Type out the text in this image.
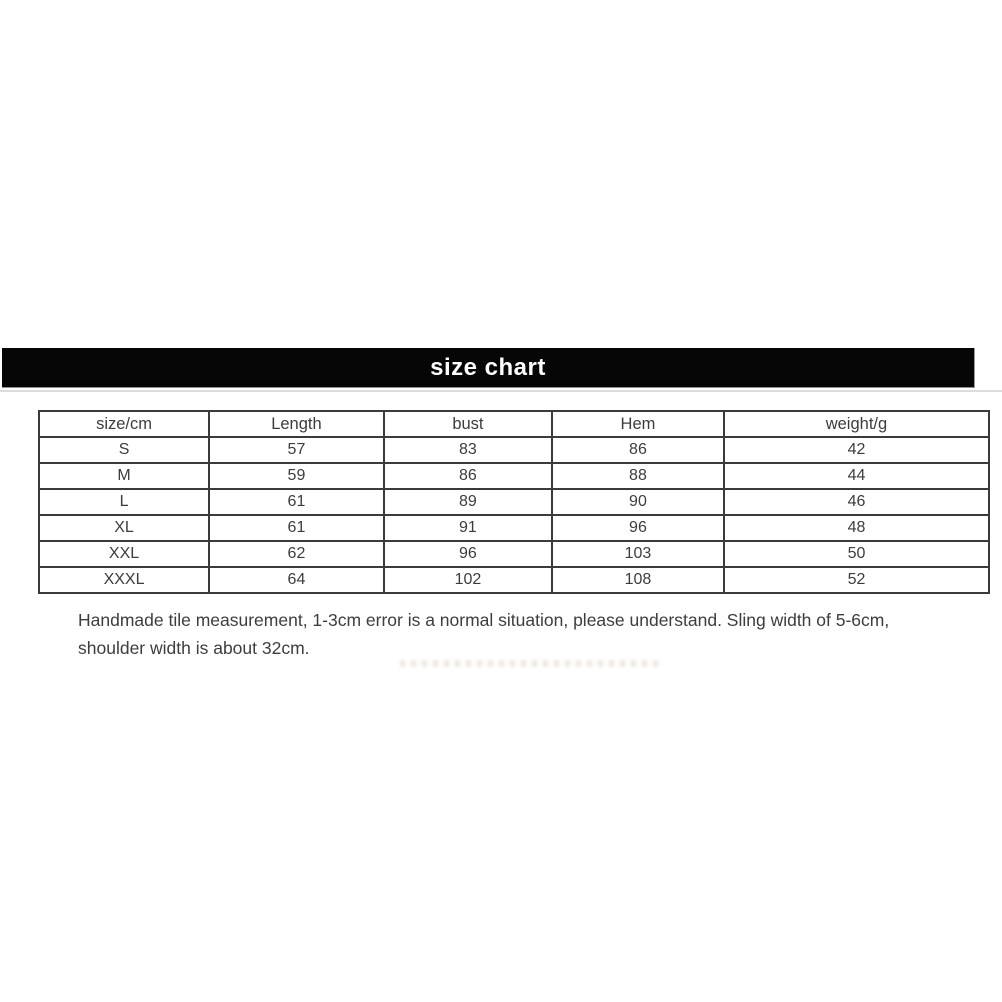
size chart
size/cm	Length	bust	Hem	weight/g
S	57	83	86	42
M	59	86	88	44
L	61	89	90	46
XL	61	91	96	48
XXL	62	96	103	50
XXXL	64	102	108	52
Handmade tile measurement, 1-3cm error is a normal situation, please understand. Sling width of 5-6cm,
shoulder width is about 32cm.
